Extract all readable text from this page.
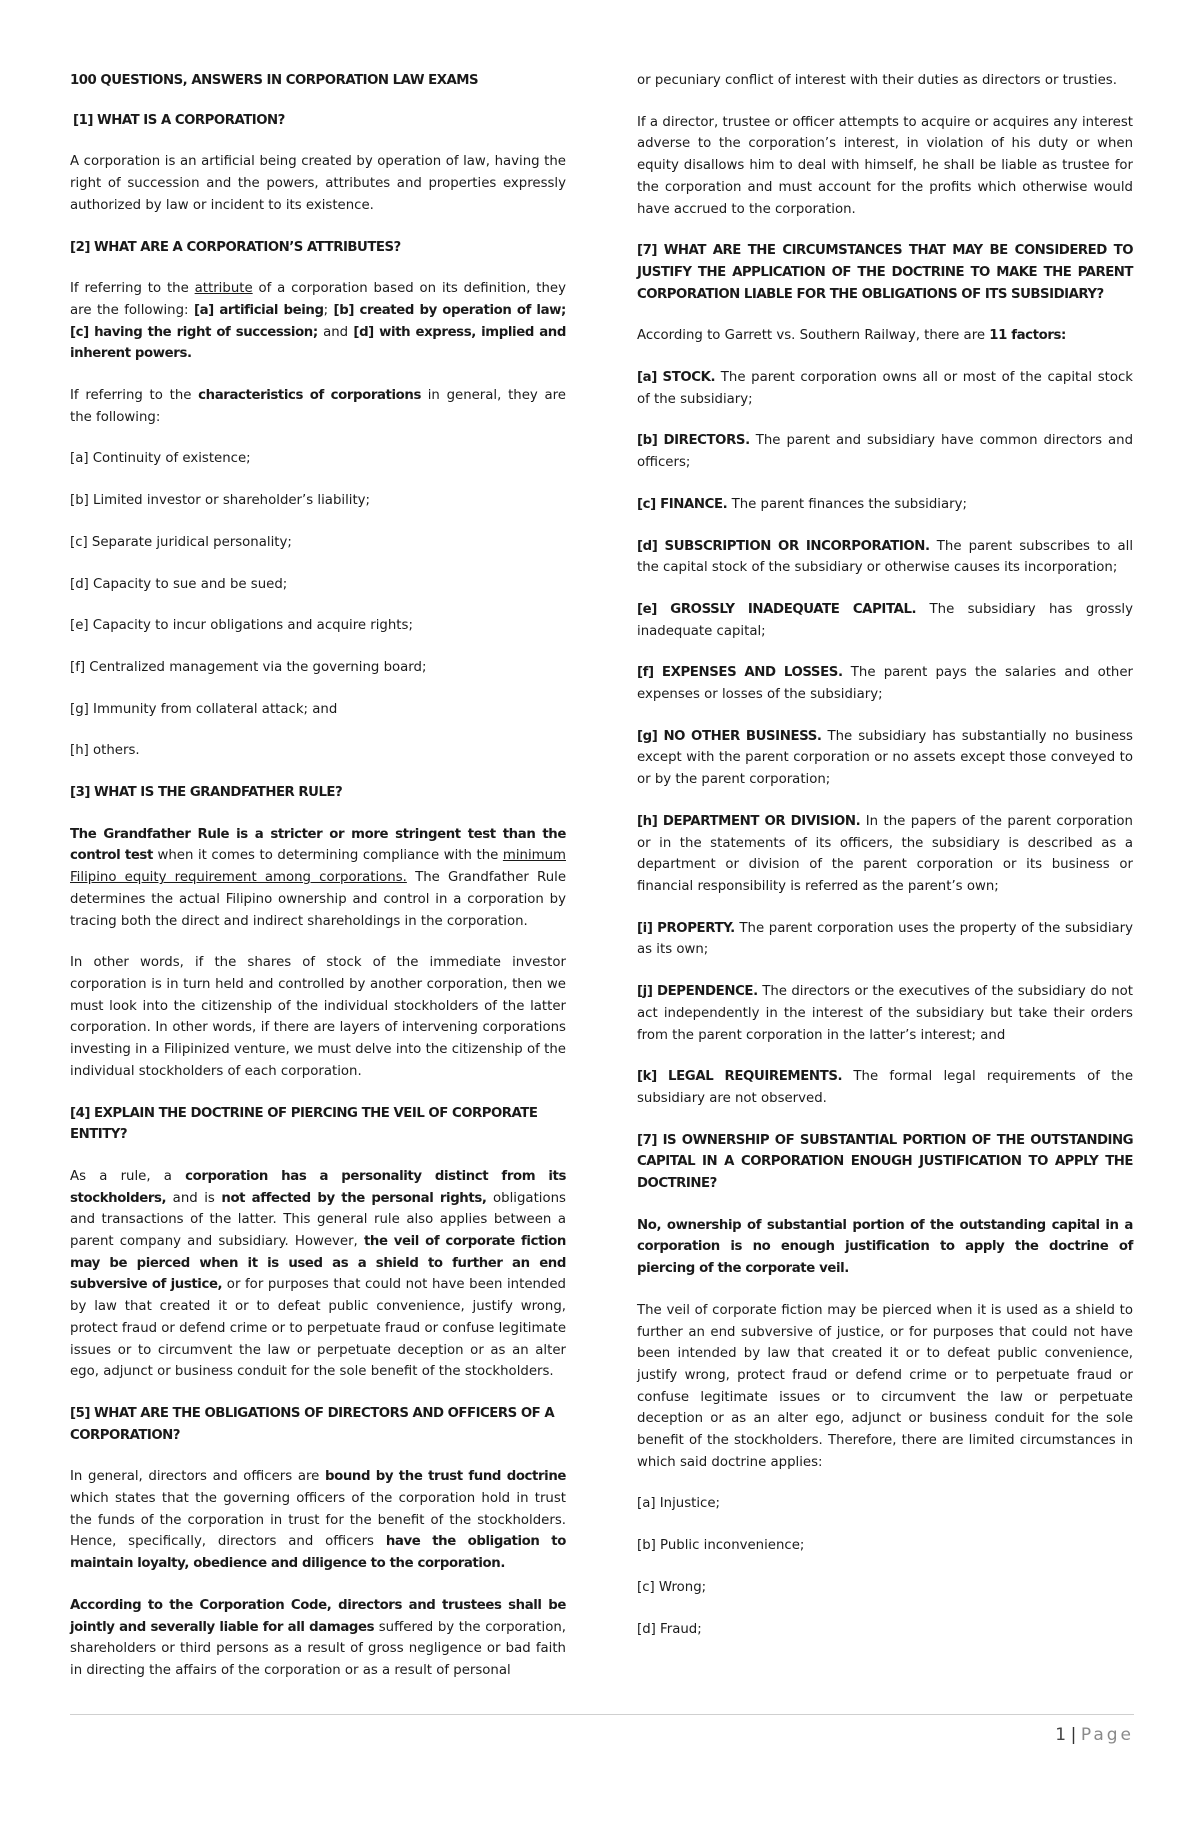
100 QUESTIONS, ANSWERS IN CORPORATION LAW EXAMS

[1] WHAT IS A CORPORATION?

A corporation is an artificial being created by operation of law, having the right of succession and the powers, attributes and properties expressly authorized by law or incident to its existence.

[2] WHAT ARE A CORPORATION’S ATTRIBUTES?

If referring to the attribute of a corporation based on its definition, they are the following: [a] artificial being; [b] created by operation of law; [c] having the right of succession; and [d] with express, implied and inherent powers.

If referring to the characteristics of corporations in general, they are the following:

[a] Continuity of existence;

[b] Limited investor or shareholder’s liability;

[c] Separate juridical personality;

[d] Capacity to sue and be sued;

[e] Capacity to incur obligations and acquire rights;

[f] Centralized management via the governing board;

[g] Immunity from collateral attack; and

[h] others.

[3] WHAT IS THE GRANDFATHER RULE?

The Grandfather Rule is a stricter or more stringent test than the control test when it comes to determining compliance with the minimum Filipino equity requirement among corporations. The Grandfather Rule determines the actual Filipino ownership and control in a corporation by tracing both the direct and indirect shareholdings in the corporation.

In other words, if the shares of stock of the immediate investor corporation is in turn held and controlled by another corporation, then we must look into the citizenship of the individual stockholders of the latter corporation. In other words, if there are layers of intervening corporations investing in a Filipinized venture, we must delve into the citizenship of the individual stockholders of each corporation.

[4] EXPLAIN THE DOCTRINE OF PIERCING THE VEIL OF CORPORATE ENTITY?

As a rule, a corporation has a personality distinct from its stockholders, and is not affected by the personal rights, obligations and transactions of the latter. This general rule also applies between a parent company and subsidiary. However, the veil of corporate fiction may be pierced when it is used as a shield to further an end subversive of justice, or for purposes that could not have been intended by law that created it or to defeat public convenience, justify wrong, protect fraud or defend crime or to perpetuate fraud or confuse legitimate issues or to circumvent the law or perpetuate deception or as an alter ego, adjunct or business conduit for the sole benefit of the stockholders.

[5] WHAT ARE THE OBLIGATIONS OF DIRECTORS AND OFFICERS OF A CORPORATION?

In general, directors and officers are bound by the trust fund doctrine which states that the governing officers of the corporation hold in trust the funds of the corporation in trust for the benefit of the stockholders. Hence, specifically, directors and officers have the obligation to maintain loyalty, obedience and diligence to the corporation.

According to the Corporation Code, directors and trustees shall be jointly and severally liable for all damages suffered by the corporation, shareholders or third persons as a result of gross negligence or bad faith in directing the affairs of the corporation or as a result of personal

or pecuniary conflict of interest with their duties as directors or trusties.

If a director, trustee or officer attempts to acquire or acquires any interest adverse to the corporation’s interest, in violation of his duty or when equity disallows him to deal with himself, he shall be liable as trustee for the corporation and must account for the profits which otherwise would have accrued to the corporation.

[7] WHAT ARE THE CIRCUMSTANCES THAT MAY BE CONSIDERED TO JUSTIFY THE APPLICATION OF THE DOCTRINE TO MAKE THE PARENT CORPORATION LIABLE FOR THE OBLIGATIONS OF ITS SUBSIDIARY?

According to Garrett vs. Southern Railway, there are 11 factors:

[a] STOCK. The parent corporation owns all or most of the capital stock of the subsidiary;

[b] DIRECTORS. The parent and subsidiary have common directors and officers;

[c] FINANCE. The parent finances the subsidiary;

[d] SUBSCRIPTION OR INCORPORATION. The parent subscribes to all the capital stock of the subsidiary or otherwise causes its incorporation;

[e] GROSSLY INADEQUATE CAPITAL. The subsidiary has grossly inadequate capital;

[f] EXPENSES AND LOSSES. The parent pays the salaries and other expenses or losses of the subsidiary;

[g] NO OTHER BUSINESS. The subsidiary has substantially no business except with the parent corporation or no assets except those conveyed to or by the parent corporation;

[h] DEPARTMENT OR DIVISION. In the papers of the parent corporation or in the statements of its officers, the subsidiary is described as a department or division of the parent corporation or its business or financial responsibility is referred as the parent’s own;

[i] PROPERTY. The parent corporation uses the property of the subsidiary as its own;

[j] DEPENDENCE. The directors or the executives of the subsidiary do not act independently in the interest of the subsidiary but take their orders from the parent corporation in the latter’s interest; and

[k] LEGAL REQUIREMENTS. The formal legal requirements of the subsidiary are not observed.

[7] IS OWNERSHIP OF SUBSTANTIAL PORTION OF THE OUTSTANDING CAPITAL IN A CORPORATION ENOUGH JUSTIFICATION TO APPLY THE DOCTRINE?

No, ownership of substantial portion of the outstanding capital in a corporation is no enough justification to apply the doctrine of piercing of the corporate veil.

The veil of corporate fiction may be pierced when it is used as a shield to further an end subversive of justice, or for purposes that could not have been intended by law that created it or to defeat public convenience, justify wrong, protect fraud or defend crime or to perpetuate fraud or confuse legitimate issues or to circumvent the law or perpetuate deception or as an alter ego, adjunct or business conduit for the sole benefit of the stockholders. Therefore, there are limited circumstances in which said doctrine applies:

[a] Injustice;

[b] Public inconvenience;

[c] Wrong;

[d] Fraud;

1 | Page
